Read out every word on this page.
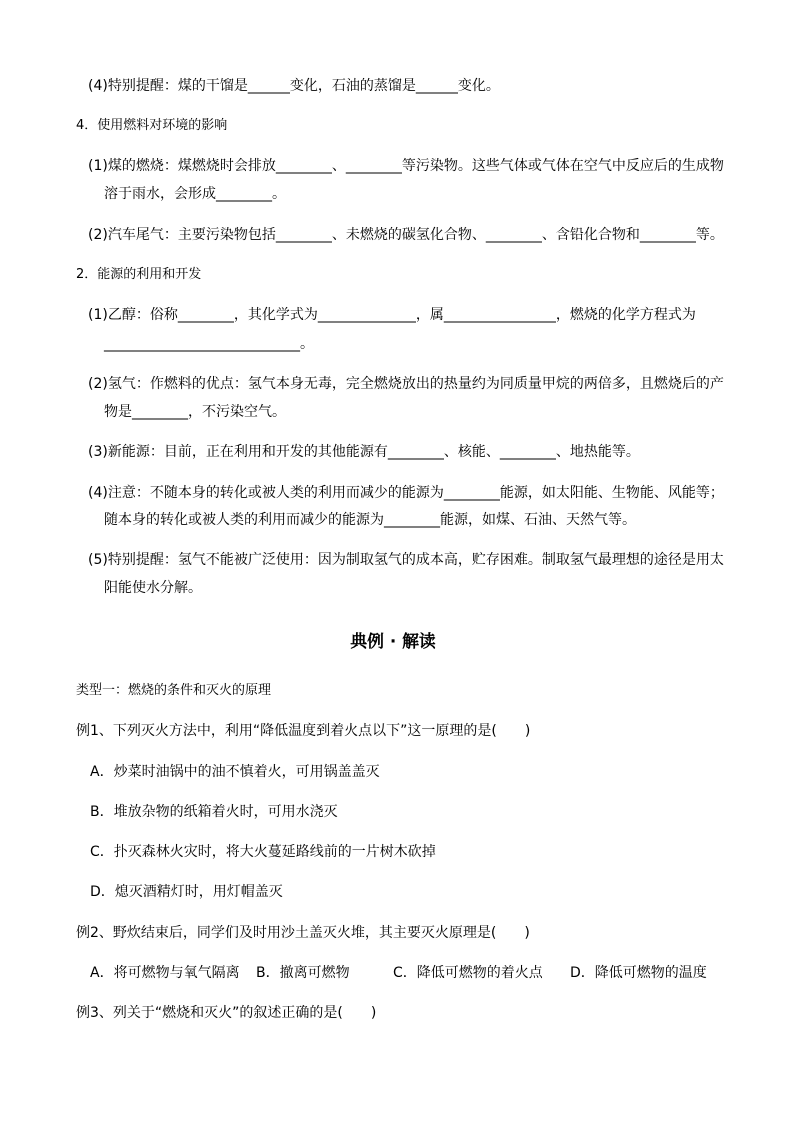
(4)特别提醒：煤的干馏是______变化，石油的蒸馏是______变化。
4．使用燃料对环境的影响
(1)煤的燃烧：煤燃烧时会排放________、________等污染物。这些气体或气体在空气中反应后的生成物
溶于雨水，会形成________。
(2)汽车尾气：主要污染物包括________、未燃烧的碳氢化合物、________、含铅化合物和________等。
2．能源的利用和开发
(1)乙醇：俗称________，其化学式为______________，属________________，燃烧的化学方程式为
____________________________。
(2)氢气：作燃料的优点：氢气本身无毒，完全燃烧放出的热量约为同质量甲烷的两倍多，且燃烧后的产
物是________，不污染空气。
(3)新能源：目前，正在利用和开发的其他能源有________、核能、________、地热能等。
(4)注意：不随本身的转化或被人类的利用而减少的能源为________能源，如太阳能、生物能、风能等；
随本身的转化或被人类的利用而减少的能源为________能源，如煤、石油、天然气等。
(5)特别提醒：氢气不能被广泛使用：因为制取氢气的成本高，贮存困难。制取氢气最理想的途径是用太
阳能使水分解。
典例 · 解读
类型一：燃烧的条件和灭火的原理
例1、下列灭火方法中，利用“降低温度到着火点以下”这一原理的是(　　)
A．炒菜时油锅中的油不慎着火，可用锅盖盖灭
B．堆放杂物的纸箱着火时，可用水浇灭
C．扑灭森林火灾时，将大火蔓延路线前的一片树木砍掉
D．熄灭酒精灯时，用灯帽盖灭
例2、野炊结束后，同学们及时用沙土盖灭火堆，其主要灭火原理是(　　)
A．将可燃物与氧气隔离 B．撤离可燃物	C．降低可燃物的着火点 D．降低可燃物的温度
例3、列关于“燃烧和灭火”的叙述正确的是(　　)
